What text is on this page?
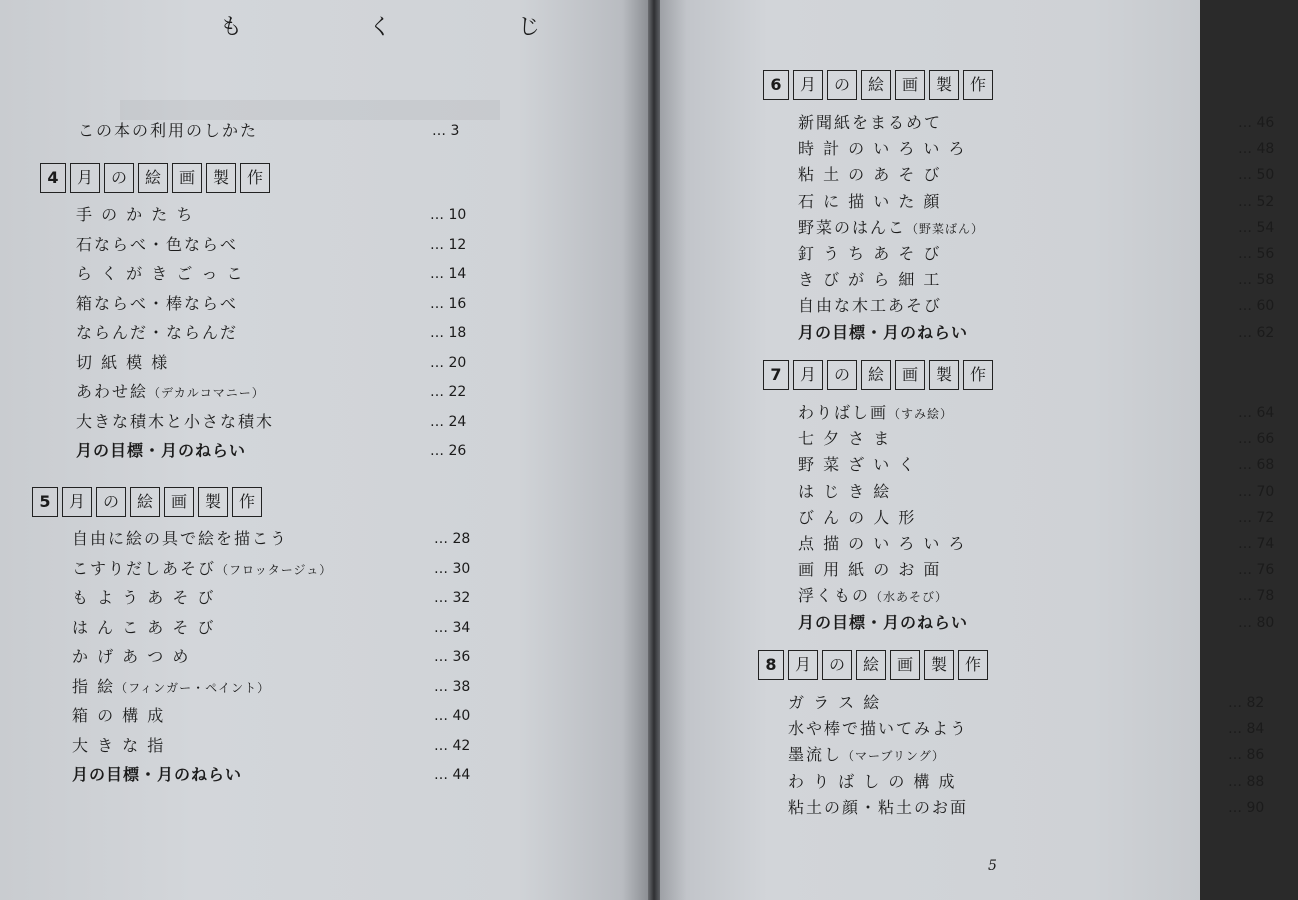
も く じ
この本の利用のしかた	… 3
4	月	の	絵	画	製	作
手 の か た ち	… 10
石ならべ・色ならべ	… 12
ら く が き ご っ こ	… 14
箱ならべ・棒ならべ	… 16
ならんだ・ならんだ	… 18
切 紙 模 様	… 20
あわせ絵（デカルコマニー）	… 22
大きな積木と小さな積木	… 24
月の目標・月のねらい	… 26
5	月	の	絵	画	製	作
自由に絵の具で絵を描こう	… 28
こすりだしあそび（フロッタージュ）	… 30
も よ う あ そ び	… 32
は ん こ あ そ び	… 34
か げ あ つ め	… 36
指 絵（フィンガー・ペイント）	… 38
箱 の 構 成	… 40
大 き な 指	… 42
月の目標・月のねらい	… 44
6	月	の	絵	画	製	作
新聞紙をまるめて	… 46
時 計 の い ろ い ろ	… 48
粘 土 の あ そ び	… 50
石 に 描 い た 顔	… 52
野菜のはんこ（野菜ばん）	… 54
釘 う ち あ そ び	… 56
き び が ら 細 工	… 58
自由な木工あそび	… 60
月の目標・月のねらい	… 62
7	月	の	絵	画	製	作
わりばし画（すみ絵）	… 64
七 夕 さ ま	… 66
野 菜 ざ い く	… 68
は じ き 絵	… 70
び ん の 人 形	… 72
点 描 の い ろ い ろ	… 74
画 用 紙 の お 面	… 76
浮くもの（水あそび）	… 78
月の目標・月のねらい	… 80
8	月	の	絵	画	製	作
ガ ラ ス 絵	… 82
水や棒で描いてみよう	… 84
墨流し（マーブリング）	… 86
わ り ば し の 構 成	… 88
粘土の顔・粘土のお面	… 90
5
